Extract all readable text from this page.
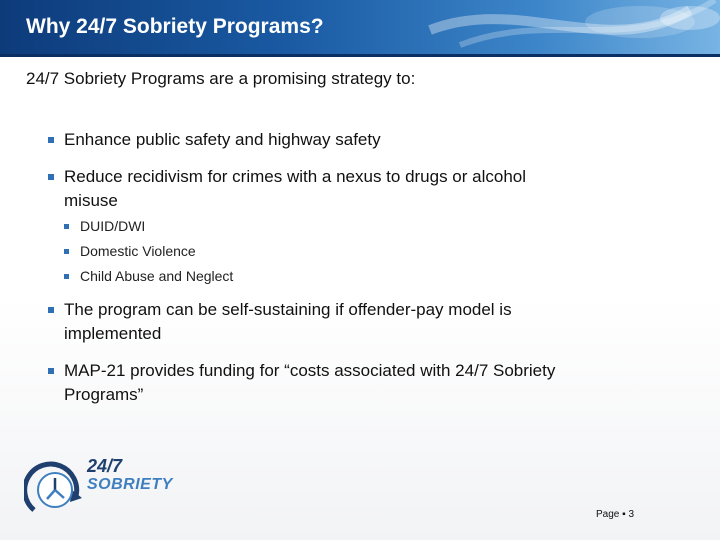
Why 24/7 Sobriety Programs?
24/7 Sobriety Programs are a promising strategy to:
Enhance public safety and highway safety
Reduce recidivism for crimes with a nexus to drugs or alcohol misuse
DUID/DWI
Domestic Violence
Child Abuse and Neglect
The program can be self-sustaining if offender-pay model is implemented
MAP-21 provides funding for “costs associated with 24/7 Sobriety Programs”
24/7
SOBRIETY
Page ▪ 3
